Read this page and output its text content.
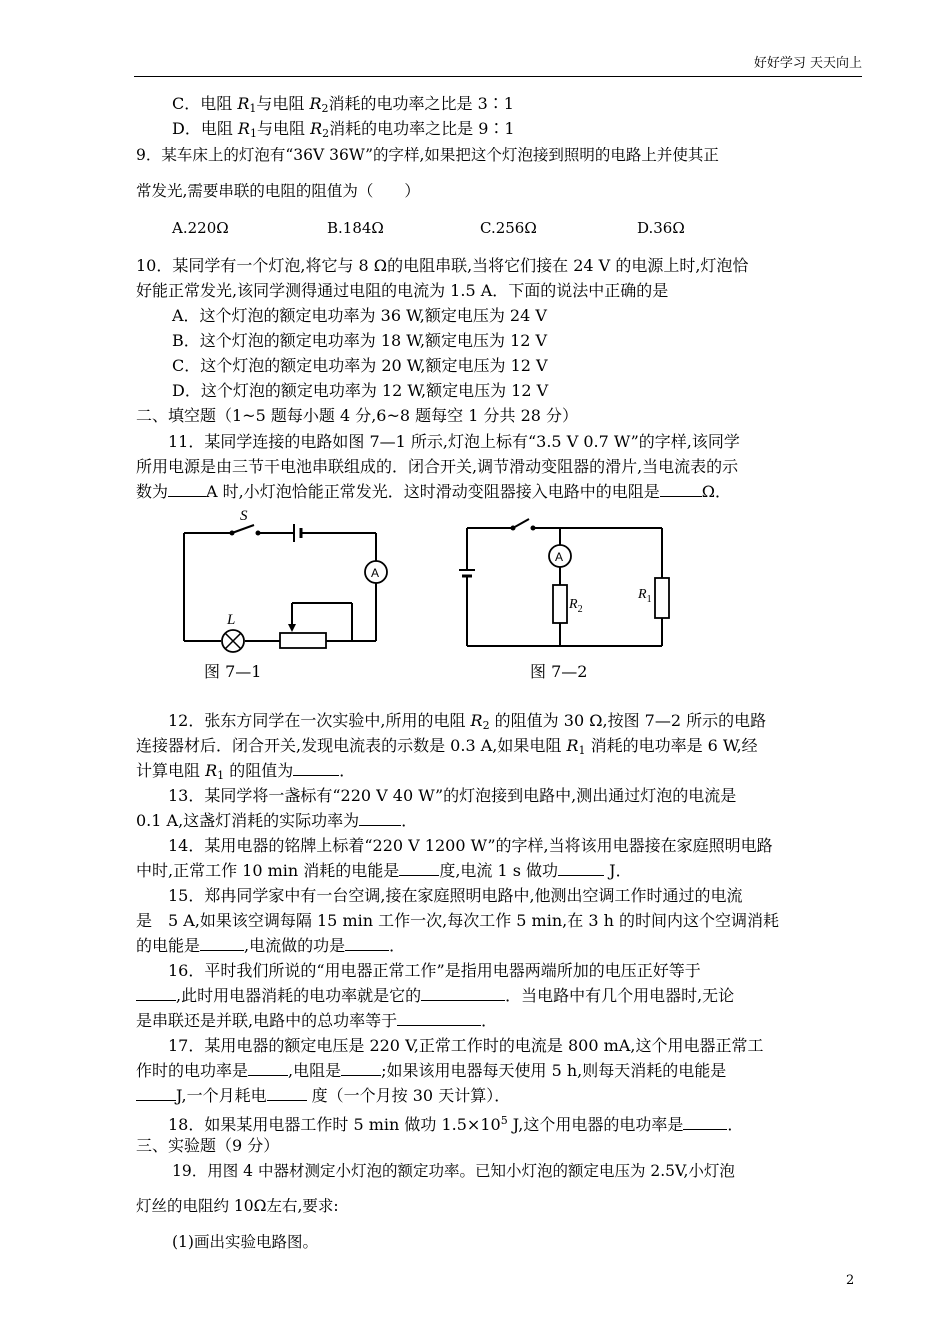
好好学习 天天向上
C．电阻 $R_1$与电阻 $R_2$消耗的电功率之比是 3∶1
D．电阻 $R_1$与电阻 $R_2$消耗的电功率之比是 9∶1
9．某车床上的灯泡有“36V 36W”的字样,如果把这个灯泡接到照明的电路上并使其正
常发光,需要串联的电阻的阻值为（　　）
A.220Ω	B.184Ω	C.256Ω	D.36Ω
10．某同学有一个灯泡,将它与 8 Ω的电阻串联,当将它们接在 24 V 的电源上时,灯泡恰
好能正常发光,该同学测得通过电阻的电流为 1.5 A．下面的说法中正确的是
A．这个灯泡的额定电功率为 36 W,额定电压为 24 V
B．这个灯泡的额定电功率为 18 W,额定电压为 12 V
C．这个灯泡的额定电功率为 20 W,额定电压为 12 V
D．这个灯泡的额定电功率为 12 W,额定电压为 12 V
二、填空题（1~5 题每小题 4 分,6~8 题每空 1 分共 28 分）
11．某同学连接的电路如图 7—1 所示,灯泡上标有“3.5 V 0.7 W”的字样,该同学
所用电源是由三节干电池串联组成的．闭合开关,调节滑动变阻器的滑片,当电流表的示
数为 A 时,小灯泡恰能正常发光．这时滑动变阻器接入电路中的电阻是	Ω．
S
L
A
A
$R_2$
$R_1$
图 7—1	图 7—2
12．张东方同学在一次实验中,所用的电阻 $R_2$ 的阻值为 30 Ω,按图 7—2 所示的电路
连接器材后．闭合开关,发现电流表的示数是 0.3 A,如果电阻 $R_1$ 消耗的电功率是 6 W,经
计算电阻 $R_1$ 的阻值为	．
13．某同学将一盏标有“220 V 40 W”的灯泡接到电路中,测出通过灯泡的电流是
0.1 A,这盏灯消耗的实际功率为	．
14．某用电器的铭牌上标着“220 V 1200 W”的字样,当将该用电器接在家庭照明电路
中时,正常工作 10 min 消耗的电能是	度,电流 1 s 做功	J．
15．郑冉同学家中有一台空调,接在家庭照明电路中,他测出空调工作时通过的电流
是　5 A,如果该空调每隔 15 min 工作一次,每次工作 5 min,在 3 h 的时间内这个空调消耗
的电能是	,电流做的功是	．
16．平时我们所说的“用电器正常工作”是指用电器两端所加的电压正好等于
,此时用电器消耗的电功率就是它的	．当电路中有几个用电器时,无论
是串联还是并联,电路中的总功率等于	．
17．某用电器的额定电压是 220 V,正常工作时的电流是 800 mA,这个用电器正常工
作时的电功率是	,电阻是	;如果该用电器每天使用 5 h,则每天消耗的电能是
J,一个月耗电	度（一个月按 30 天计算）．
18．如果某用电器工作时 5 min 做功 $1.5\times 10^5$ J,这个用电器的电功率是	．
三、实验题（9 分）
19．用图 4 中器材测定小灯泡的额定功率。已知小灯泡的额定电压为 2.5V,小灯泡
灯丝的电阻约 10Ω左右,要求:
(1)画出实验电路图。
2
